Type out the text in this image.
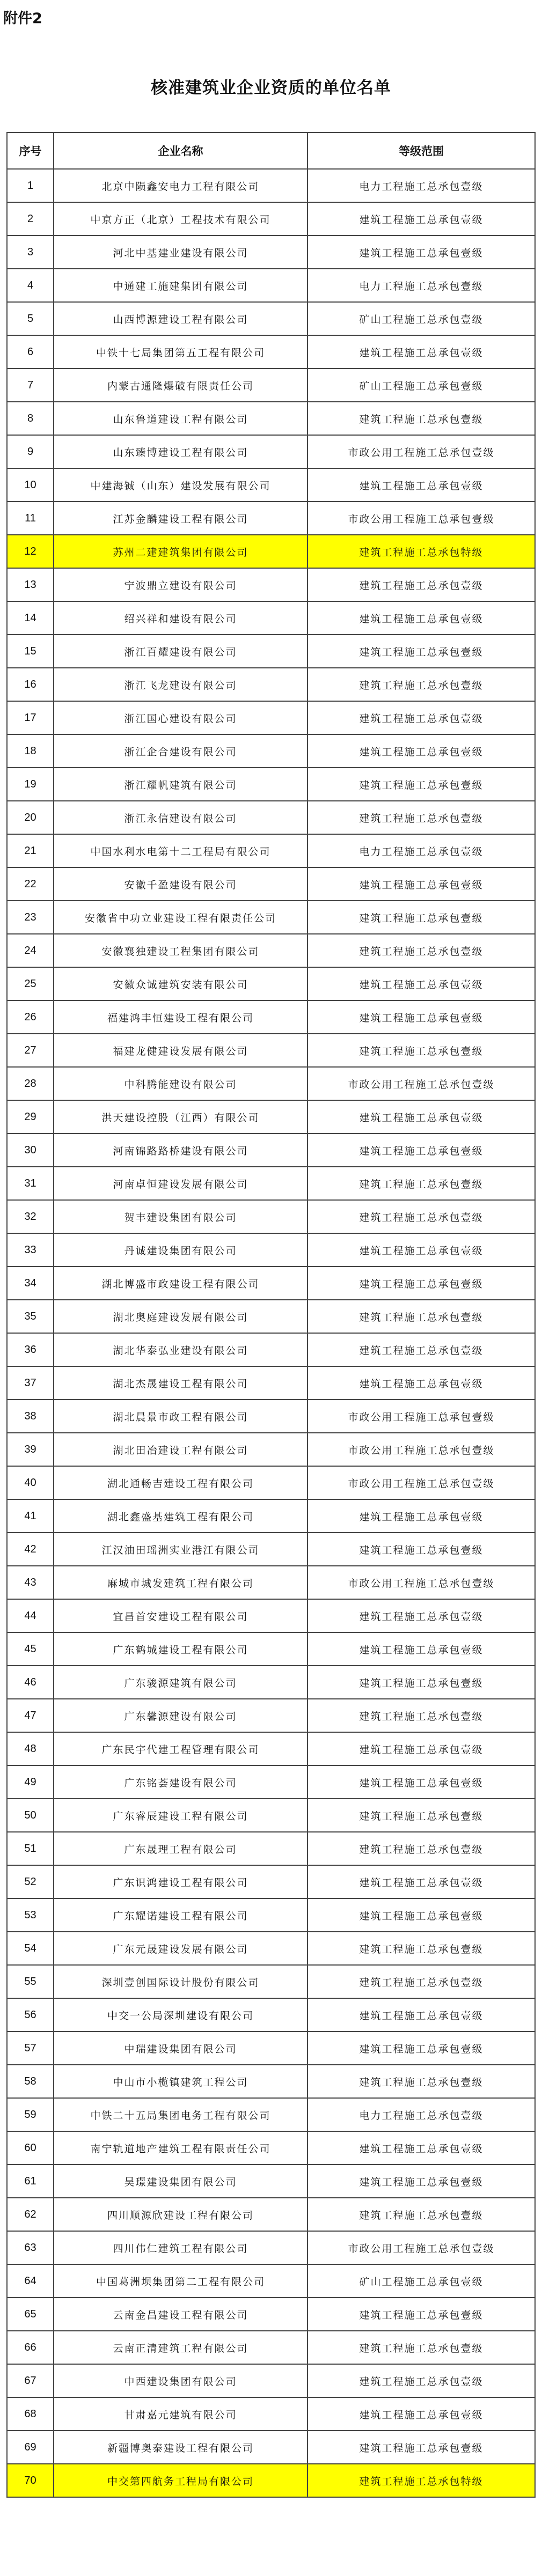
附件2
核准建筑业企业资质的单位名单
序号	企业名称	等级范围
1	北京中陨鑫安电力工程有限公司	电力工程施工总承包壹级
2	中京方正（北京）工程技术有限公司	建筑工程施工总承包壹级
3	河北中基建业建设有限公司	建筑工程施工总承包壹级
4	中通建工施建集团有限公司	电力工程施工总承包壹级
5	山西博源建设工程有限公司	矿山工程施工总承包壹级
6	中铁十七局集团第五工程有限公司	建筑工程施工总承包壹级
7	内蒙古通隆爆破有限责任公司	矿山工程施工总承包壹级
8	山东鲁道建设工程有限公司	建筑工程施工总承包壹级
9	山东臻博建设工程有限公司	市政公用工程施工总承包壹级
10	中建海铖（山东）建设发展有限公司	建筑工程施工总承包壹级
11	江苏金麟建设工程有限公司	市政公用工程施工总承包壹级
12	苏州二建建筑集团有限公司	建筑工程施工总承包特级
13	宁波鼎立建设有限公司	建筑工程施工总承包壹级
14	绍兴祥和建设有限公司	建筑工程施工总承包壹级
15	浙江百耀建设有限公司	建筑工程施工总承包壹级
16	浙江飞龙建设有限公司	建筑工程施工总承包壹级
17	浙江国心建设有限公司	建筑工程施工总承包壹级
18	浙江企合建设有限公司	建筑工程施工总承包壹级
19	浙江耀帆建筑有限公司	建筑工程施工总承包壹级
20	浙江永信建设有限公司	建筑工程施工总承包壹级
21	中国水利水电第十二工程局有限公司	电力工程施工总承包壹级
22	安徽千盈建设有限公司	建筑工程施工总承包壹级
23	安徽省中功立业建设工程有限责任公司	建筑工程施工总承包壹级
24	安徽襄独建设工程集团有限公司	建筑工程施工总承包壹级
25	安徽众诚建筑安装有限公司	建筑工程施工总承包壹级
26	福建鸿丰恒建设工程有限公司	建筑工程施工总承包壹级
27	福建龙健建设发展有限公司	建筑工程施工总承包壹级
28	中科腾能建设有限公司	市政公用工程施工总承包壹级
29	洪天建设控股（江西）有限公司	建筑工程施工总承包壹级
30	河南锦路路桥建设有限公司	建筑工程施工总承包壹级
31	河南卓恒建设发展有限公司	建筑工程施工总承包壹级
32	贺丰建设集团有限公司	建筑工程施工总承包壹级
33	丹诚建设集团有限公司	建筑工程施工总承包壹级
34	湖北博盛市政建设工程有限公司	建筑工程施工总承包壹级
35	湖北奥庭建设发展有限公司	建筑工程施工总承包壹级
36	湖北华泰弘业建设有限公司	建筑工程施工总承包壹级
37	湖北杰晟建设工程有限公司	建筑工程施工总承包壹级
38	湖北晨景市政工程有限公司	市政公用工程施工总承包壹级
39	湖北田冶建设工程有限公司	市政公用工程施工总承包壹级
40	湖北通畅吉建设工程有限公司	市政公用工程施工总承包壹级
41	湖北鑫盛基建筑工程有限公司	建筑工程施工总承包壹级
42	江汉油田瑶洲实业港江有限公司	建筑工程施工总承包壹级
43	麻城市城发建筑工程有限公司	市政公用工程施工总承包壹级
44	宜昌首安建设工程有限公司	建筑工程施工总承包壹级
45	广东鹤城建设工程有限公司	建筑工程施工总承包壹级
46	广东骏源建筑有限公司	建筑工程施工总承包壹级
47	广东馨源建设有限公司	建筑工程施工总承包壹级
48	广东民宇代建工程管理有限公司	建筑工程施工总承包壹级
49	广东铭荟建设有限公司	建筑工程施工总承包壹级
50	广东睿辰建设工程有限公司	建筑工程施工总承包壹级
51	广东晟理工程有限公司	建筑工程施工总承包壹级
52	广东识鸿建设工程有限公司	建筑工程施工总承包壹级
53	广东耀诺建设工程有限公司	建筑工程施工总承包壹级
54	广东元晟建设发展有限公司	建筑工程施工总承包壹级
55	深圳壹创国际设计股份有限公司	建筑工程施工总承包壹级
56	中交一公局深圳建设有限公司	建筑工程施工总承包壹级
57	中瑞建设集团有限公司	建筑工程施工总承包壹级
58	中山市小榄镇建筑工程公司	建筑工程施工总承包壹级
59	中铁二十五局集团电务工程有限公司	电力工程施工总承包壹级
60	南宁轨道地产建筑工程有限责任公司	建筑工程施工总承包壹级
61	吴璟建设集团有限公司	建筑工程施工总承包壹级
62	四川顺源欣建设工程有限公司	建筑工程施工总承包壹级
63	四川伟仁建筑工程有限公司	市政公用工程施工总承包壹级
64	中国葛洲坝集团第二工程有限公司	矿山工程施工总承包壹级
65	云南金昌建设工程有限公司	建筑工程施工总承包壹级
66	云南正清建筑工程有限公司	建筑工程施工总承包壹级
67	中西建设集团有限公司	建筑工程施工总承包壹级
68	甘肃嘉元建筑有限公司	建筑工程施工总承包壹级
69	新疆博奥泰建设工程有限公司	建筑工程施工总承包壹级
70	中交第四航务工程局有限公司	建筑工程施工总承包特级
